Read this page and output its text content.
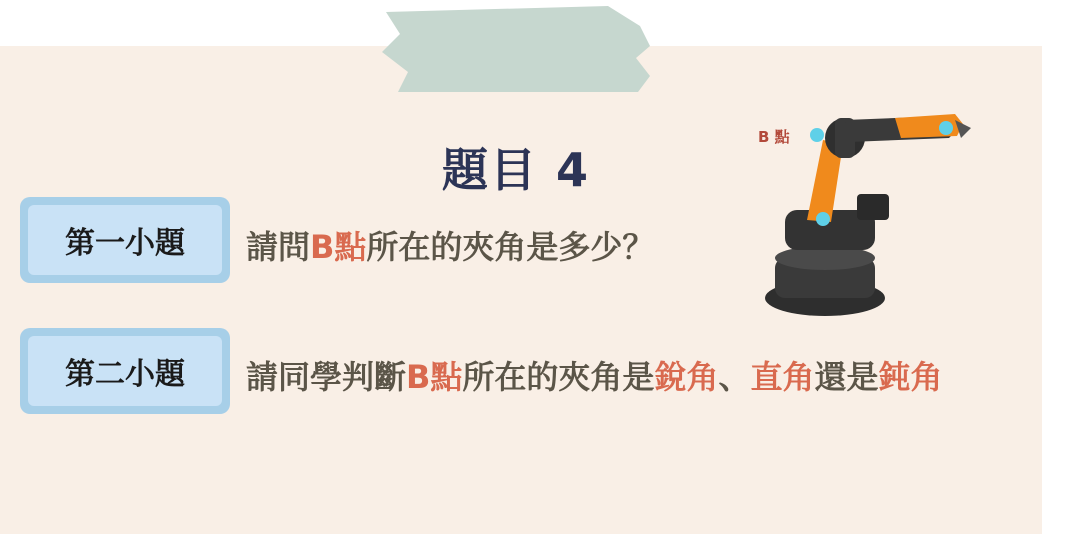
題目 4
第一小題	請問B點所在的夾角是多少？
第二小題	請同學判斷B點所在的夾角是銳角、直角還是鈍角
B 點
